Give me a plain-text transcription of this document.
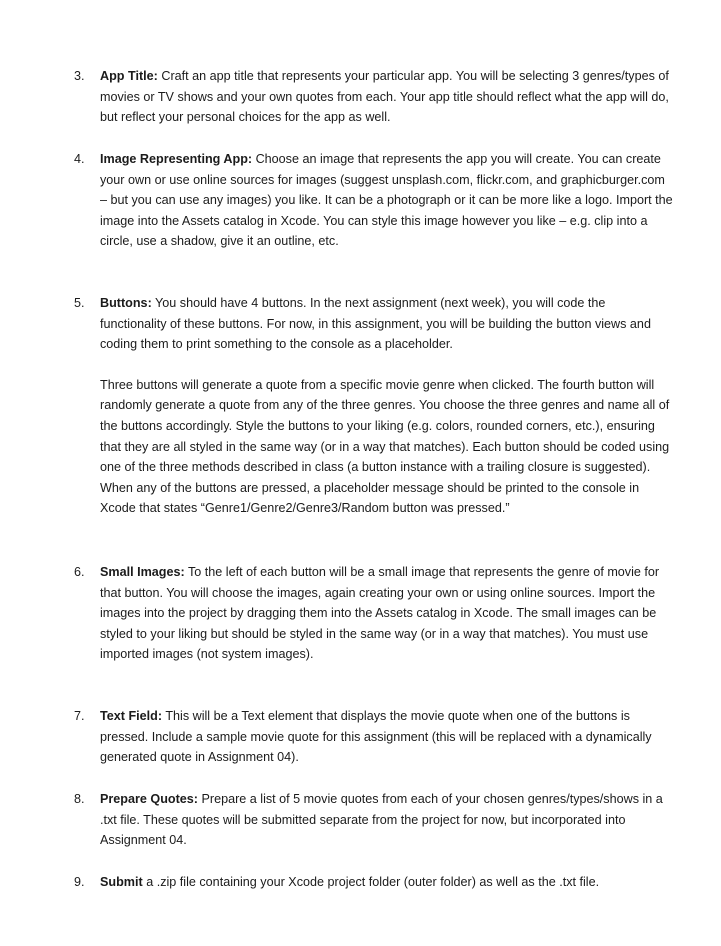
3.	App Title: Craft an app title that represents your particular app. You will be selecting 3 genres/types of movies or TV shows and your own quotes from each. Your app title should reflect what the app will do, but reflect your personal choices for the app as well.
4.	Image Representing App: Choose an image that represents the app you will create. You can create your own or use online sources for images (suggest unsplash.com, flickr.com, and graphicburger.com – but you can use any images) you like. It can be a photograph or it can be more like a logo. Import the image into the Assets catalog in Xcode. You can style this image however you like – e.g. clip into a circle, use a shadow, give it an outline, etc.
5.	Buttons: You should have 4 buttons. In the next assignment (next week), you will code the functionality of these buttons. For now, in this assignment, you will be building the button views and coding them to print something to the console as a placeholder.
Three buttons will generate a quote from a specific movie genre when clicked. The fourth button will randomly generate a quote from any of the three genres. You choose the three genres and name all of the buttons accordingly. Style the buttons to your liking (e.g. colors, rounded corners, etc.), ensuring that they are all styled in the same way (or in a way that matches). Each button should be coded using one of the three methods described in class (a button instance with a trailing closure is suggested). When any of the buttons are pressed, a placeholder message should be printed to the console in Xcode that states “Genre1/Genre2/Genre3/Random button was pressed.”
6.	Small Images: To the left of each button will be a small image that represents the genre of movie for that button. You will choose the images, again creating your own or using online sources. Import the images into the project by dragging them into the Assets catalog in Xcode. The small images can be styled to your liking but should be styled in the same way (or in a way that matches). You must use imported images (not system images).
7.	Text Field: This will be a Text element that displays the movie quote when one of the buttons is pressed. Include a sample movie quote for this assignment (this will be replaced with a dynamically generated quote in Assignment 04).
8.	Prepare Quotes: Prepare a list of 5 movie quotes from each of your chosen genres/types/shows in a .txt file. These quotes will be submitted separate from the project for now, but incorporated into Assignment 04.
9.	Submit a .zip file containing your Xcode project folder (outer folder) as well as the .txt file.
